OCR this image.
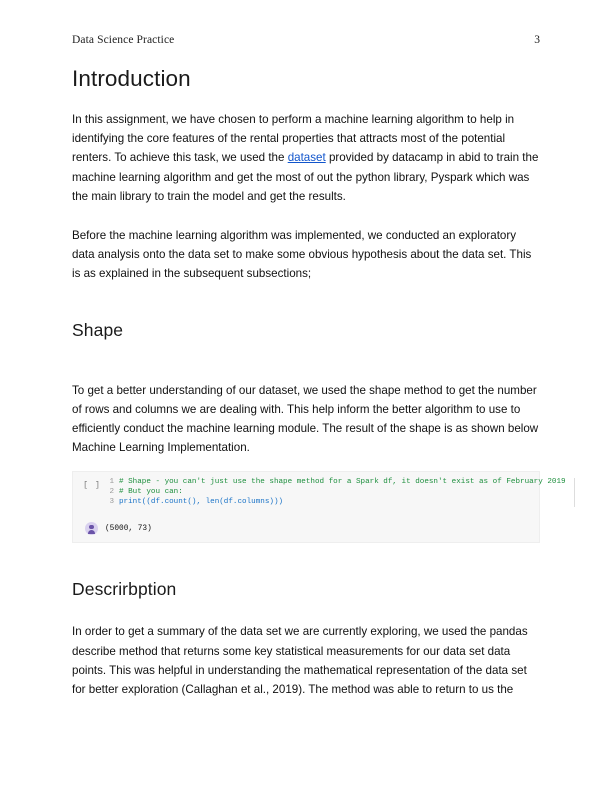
Data Science Practice	3
Introduction

In this assignment, we have chosen to perform a machine learning algorithm to help in identifying the core features of the rental properties that attracts most of the potential renters. To achieve this task, we used the dataset provided by datacamp in abid to train the machine learning algorithm and get the most of out the python library, Pyspark which was the main library to train the model and get the results.

Before the machine learning algorithm was implemented, we conducted an exploratory data analysis onto the data set to make some obvious hypothesis about the data set. This is as explained in the subsequent subsections;

Shape

To get a better understanding of our dataset, we used the shape method to get the number of rows and columns we are dealing with. This help inform the better algorithm to use to efficiently conduct the machine learning module. The result of the shape is as shown below

Machine Learning Implementation.

[ ]	1 # Shape - you can't just use the shape method for a Spark df, it doesn't exist as of February 2019
2 # But you can:
3 print((df.count(), len(df.columns)))
(5000, 73)
Descrirbption

In order to get a summary of the data set we are currently exploring, we used the pandas describe method that returns some key statistical measurements for our data set data points. This was helpful in understanding the mathematical representation of the data set for better exploration (Callaghan et al., 2019). The method was able to return to us the
